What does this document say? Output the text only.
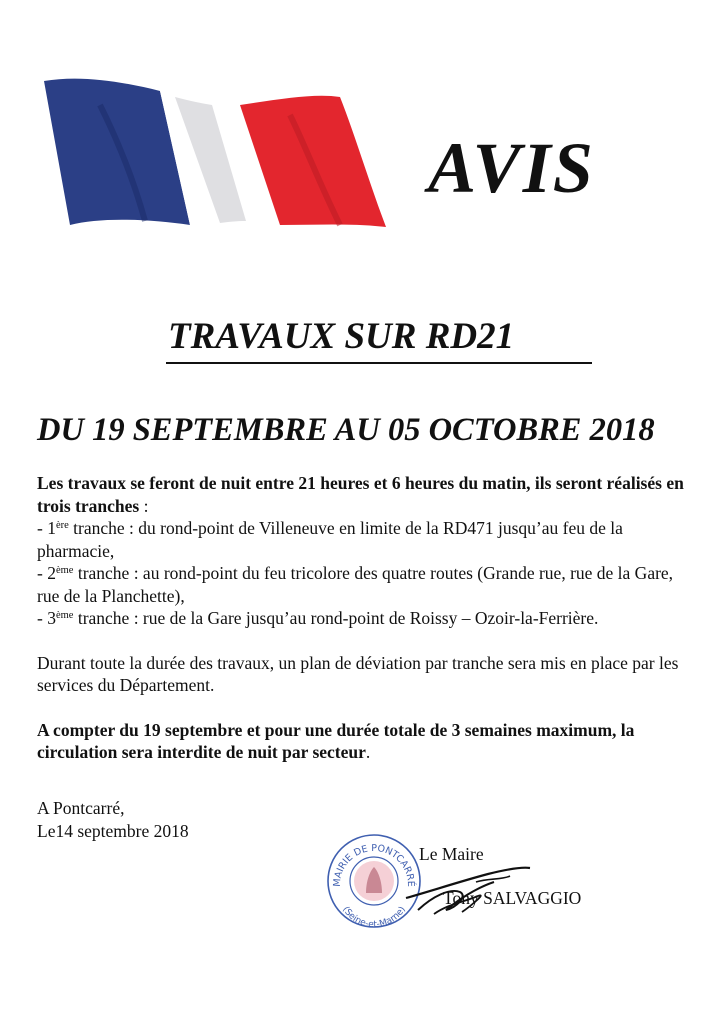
AVIS
TRAVAUX SUR RD21
DU 19 SEPTEMBRE AU 05 OCTOBRE 2018

Les travaux se feront de nuit entre 21 heures et 6 heures du matin, ils seront réalisés en trois tranches :

- 1ère tranche : du rond-point de Villeneuve en limite de la RD471 jusqu’au feu de la pharmacie,

- 2ème tranche : au rond-point du feu tricolore des quatre routes (Grande rue, rue de la Gare, rue de la Planchette),

- 3ème tranche : rue de la Gare jusqu’au rond-point de Roissy – Ozoir-la-Ferrière.

Durant toute la durée des travaux, un plan de déviation par tranche sera mis en place par les services du Département.

A compter du 19 septembre et pour une durée totale de 3 semaines maximum, la circulation sera interdite de nuit par secteur.

A Pontcarré,
Le14 septembre 2018
MAIRIE DE PONTCARRÉ
(Seine-et-Marne)
Le Maire
Tony SALVAGGIO
